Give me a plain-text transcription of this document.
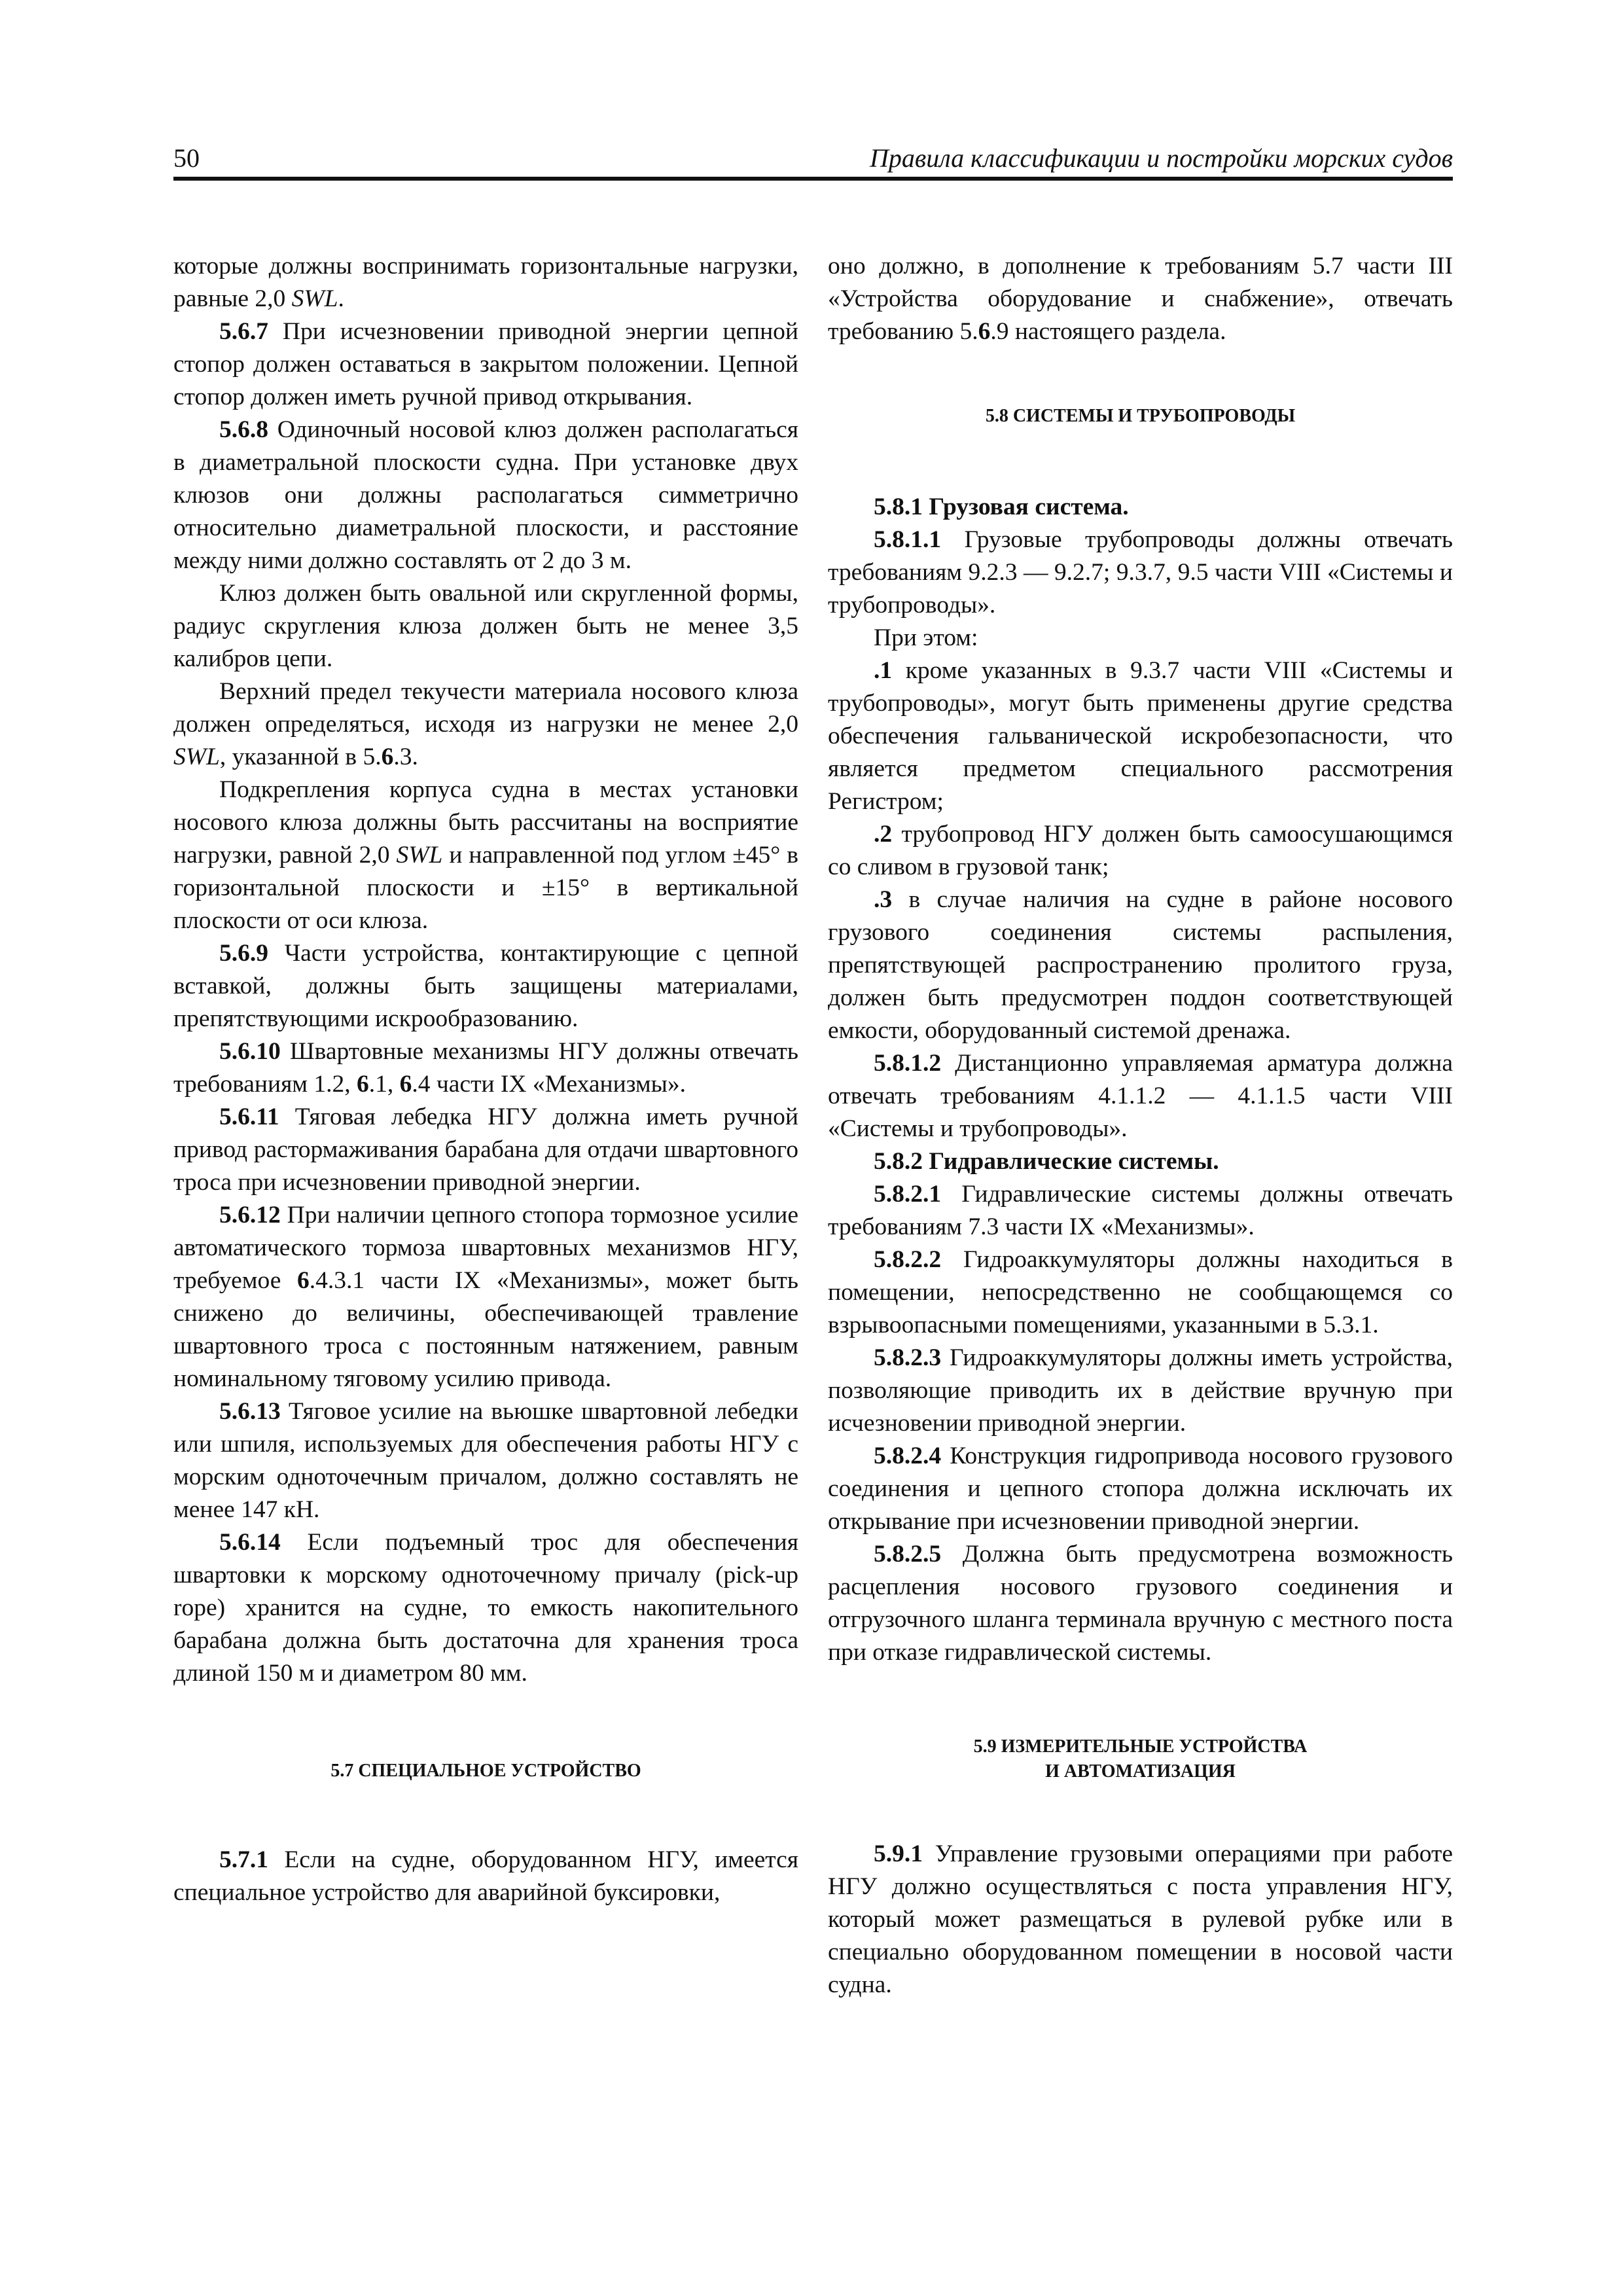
50	Правила классификации и постройки морских судов

которые должны воспринимать горизонтальные нагрузки, равные 2,0 SWL.

5.6.7 При исчезновении приводной энергии цепной стопор должен оставаться в закрытом положении. Цепной стопор должен иметь ручной привод открывания.

5.6.8 Одиночный носовой клюз должен располагаться в диаметральной плоскости судна. При установке двух клюзов они должны располагаться симметрично относительно диаметральной плоскости, и расстояние между ними должно составлять от 2 до 3 м.

Клюз должен быть овальной или скругленной формы, радиус скругления клюза должен быть не менее 3,5 калибров цепи.

Верхний предел текучести материала носового клюза должен определяться, исходя из нагрузки не менее 2,0 SWL, указанной в 5.6.3.

Подкрепления корпуса судна в местах установки носового клюза должны быть рассчитаны на восприятие нагрузки, равной 2,0 SWL и направленной под углом ±45° в горизонтальной плоскости и ±15° в вертикальной плоскости от оси клюза.

5.6.9 Части устройства, контактирующие с цепной вставкой, должны быть защищены материалами, препятствующими искрообразованию.

5.6.10 Швартовные механизмы НГУ должны отвечать требованиям 1.2, 6.1, 6.4 части IX «Механизмы».

5.6.11 Тяговая лебедка НГУ должна иметь ручной привод растормаживания барабана для отдачи швартовного троса при исчезновении приводной энергии.

5.6.12 При наличии цепного стопора тормозное усилие автоматического тормоза швартовных механизмов НГУ, требуемое 6.4.3.1 части IX «Механизмы», может быть снижено до величины, обеспечивающей травление швартовного троса с постоянным натяжением, равным номинальному тяговому усилию привода.

5.6.13 Тяговое усилие на вьюшке швартовной лебедки или шпиля, используемых для обеспечения работы НГУ с морским одноточечным причалом, должно составлять не менее 147 кН.

5.6.14 Если подъемный трос для обеспечения швартовки к морскому одноточечному причалу (pick-up rope) хранится на судне, то емкость накопительного барабана должна быть достаточна для хранения троса длиной 150 м и диаметром 80 мм.

5.7 СПЕЦИАЛЬНОЕ УСТРОЙСТВО

5.7.1 Если на судне, оборудованном НГУ, имеется специальное устройство для аварийной буксировки,

оно должно, в дополнение к требованиям 5.7 части III «Устройства оборудование и снабжение», отвечать требованию 5.6.9 настоящего раздела.

5.8 СИСТЕМЫ И ТРУБОПРОВОДЫ

5.8.1 Грузовая система.

5.8.1.1 Грузовые трубопроводы должны отвечать требованиям 9.2.3 — 9.2.7; 9.3.7, 9.5 части VIII «Системы и трубопроводы».

При этом:

.1 кроме указанных в 9.3.7 части VIII «Системы и трубопроводы», могут быть применены другие средства обеспечения гальванической искробезопасности, что является предметом специального рассмотрения Регистром;

.2 трубопровод НГУ должен быть самоосушающимся со сливом в грузовой танк;

.3 в случае наличия на судне в районе носового грузового соединения системы распыления, препятствующей распространению пролитого груза, должен быть предусмотрен поддон соответствующей емкости, оборудованный системой дренажа.

5.8.1.2 Дистанционно управляемая арматура должна отвечать требованиям 4.1.1.2 — 4.1.1.5 части VIII «Системы и трубопроводы».

5.8.2 Гидравлические системы.

5.8.2.1 Гидравлические системы должны отвечать требованиям 7.3 части IX «Механизмы».

5.8.2.2 Гидроаккумуляторы должны находиться в помещении, непосредственно не сообщающемся со взрывоопасными помещениями, указанными в 5.3.1.

5.8.2.3 Гидроаккумуляторы должны иметь устройства, позволяющие приводить их в действие вручную при исчезновении приводной энергии.

5.8.2.4 Конструкция гидропривода носового грузового соединения и цепного стопора должна исключать их открывание при исчезновении приводной энергии.

5.8.2.5 Должна быть предусмотрена возможность расцепления носового грузового соединения и отгрузочного шланга терминала вручную с местного поста при отказе гидравлической системы.

5.9 ИЗМЕРИТЕЛЬНЫЕ УСТРОЙСТВА
И АВТОМАТИЗАЦИЯ

5.9.1 Управление грузовыми операциями при работе НГУ должно осуществляться с поста управления НГУ, который может размещаться в рулевой рубке или в специально оборудованном помещении в носовой части судна.
